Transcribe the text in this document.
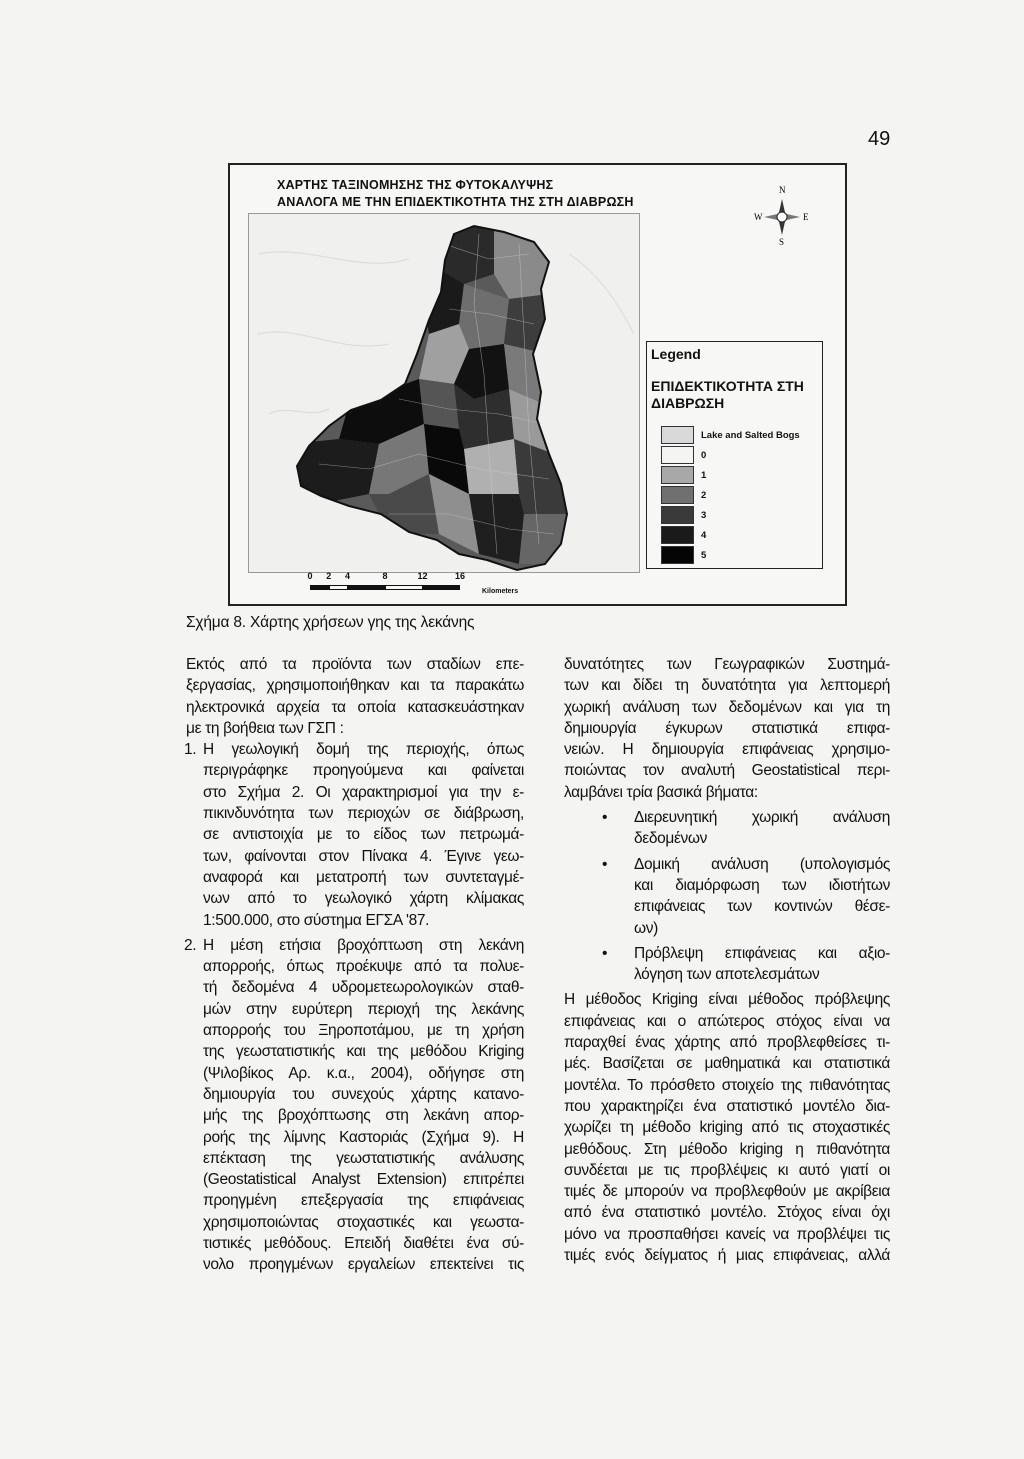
49
ΧΑΡΤΗΣ ΤΑΞΙΝΟΜΗΣΗΣ ΤΗΣ ΦΥΤΟΚΑΛΥΨΗΣ
ΑΝΑΛΟΓΑ ΜΕ ΤΗΝ ΕΠΙΔΕΚΤΙΚΟΤΗΤΑ ΤΗΣ ΣΤΗ ΔΙΑΒΡΩΣΗ
N
S
W	E
Legend
ΕΠΙΔΕΚΤΙΚΟΤΗΤΑ ΣΤΗ ΔΙΑΒΡΩΣΗ
Lake and Salted Bogs
0
1
2
3
4
5
Kilometers
0 2 4	8	12	16
Σχήμα 8. Χάρτης χρήσεων γης της λεκάνης
Εκτός από τα προϊόντα των σταδίων επε-
ξεργασίας, χρησιμοποιήθηκαν και τα παρακάτω
ηλεκτρονικά αρχεία τα οποία κατασκευάστηκαν
με τη βοήθεια των ΓΣΠ :
1. Η γεωλογική δομή της περιοχής, όπως
περιγράφηκε προηγούμενα και φαίνεται
στο Σχήμα 2. Οι χαρακτηρισμοί για την ε-
πικινδυνότητα των περιοχών σε διάβρωση,
σε αντιστοιχία με το είδος των πετρωμά-
των, φαίνονται στον Πίνακα 4. Έγινε γεω-
αναφορά και μετατροπή των συντεταγμέ-
νων από το γεωλογικό χάρτη κλίμακας
1:500.000, στο σύστημα ΕΓΣΑ '87.
2. Η μέση ετήσια βροχόπτωση στη λεκάνη
απορροής, όπως προέκυψε από τα πολυε-
τή δεδομένα 4 υδρομετεωρολογικών σταθ-
μών στην ευρύτερη περιοχή της λεκάνης
απορροής του Ξηροποτάμου, με τη χρήση
της γεωστατιστικής και της μεθόδου Kriging
(Ψιλοβίκος Αρ. κ.α., 2004), οδήγησε στη
δημιουργία του συνεχούς χάρτης κατανο-
μής της βροχόπτωσης στη λεκάνη απορ-
ροής της λίμνης Καστοριάς (Σχήμα 9). Η
επέκταση της γεωστατιστικής ανάλυσης
(Geostatistical Analyst Extension) επιτρέπει
προηγμένη επεξεργασία της επιφάνειας
χρησιμοποιώντας στοχαστικές και γεωστα-
τιστικές μεθόδους. Επειδή διαθέτει ένα σύ-
νολο προηγμένων εργαλείων επεκτείνει τις
δυνατότητες των Γεωγραφικών Συστημά-
των και δίδει τη δυνατότητα για λεπτομερή
χωρική ανάλυση των δεδομένων και για τη
δημιουργία έγκυρων στατιστικά επιφα-
νειών. Η δημιουργία επιφάνειας χρησιμο-
ποιώντας τον αναλυτή Geostatistical περι-
λαμβάνει τρία βασικά βήματα:
• Διερευνητική χωρική ανάλυση
δεδομένων
• Δομική ανάλυση (υπολογισμός
και διαμόρφωση των ιδιοτήτων
επιφάνειας των κοντινών θέσε-
ων)
• Πρόβλεψη επιφάνειας και αξιο-
λόγηση των αποτελεσμάτων
Η μέθοδος Kriging είναι μέθοδος πρόβλεψης
επιφάνειας και ο απώτερος στόχος είναι να
παραχθεί ένας χάρτης από προβλεφθείσες τι-
μές. Βασίζεται σε μαθηματικά και στατιστικά
μοντέλα. Το πρόσθετο στοιχείο της πιθανότητας
που χαρακτηρίζει ένα στατιστικό μοντέλο δια-
χωρίζει τη μέθοδο kriging από τις στοχαστικές
μεθόδους. Στη μέθοδο kriging η πιθανότητα
συνδέεται με τις προβλέψεις κι αυτό γιατί οι
τιμές δε μπορούν να προβλεφθούν με ακρίβεια
από ένα στατιστικό μοντέλο. Στόχος είναι όχι
μόνο να προσπαθήσει κανείς να προβλέψει τις
τιμές ενός δείγματος ή μιας επιφάνειας, αλλά
